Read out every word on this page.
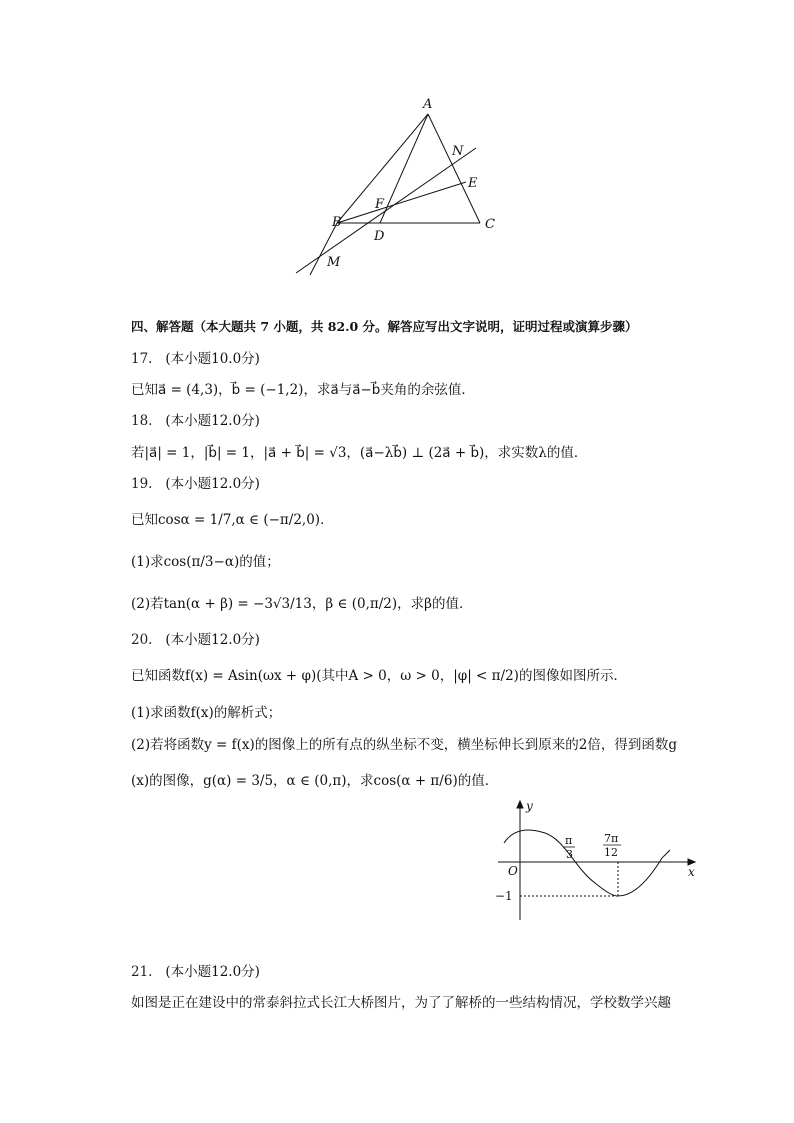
A
N
E
B
F
D
C
M
四、解答题（本大题共 7 小题，共 82.0 分。解答应写出文字说明，证明过程或演算步骤）
17. (本小题10.0分)
已知a⃗ = (4,3)，b⃗ = (−1,2)，求a⃗与a⃗−b⃗夹角的余弦值．
18. (本小题12.0分)
若|a⃗| = 1，|b⃗| = 1，|a⃗ + b⃗| = √3，(a⃗−λb⃗) ⊥ (2a⃗ + b⃗)，求实数λ的值．
19. (本小题12.0分)
已知cosα = 1/7,α ∈ (−π/2,0)．
(1)求cos(π/3−α)的值；
(2)若tan(α + β) = −3√3/13，β ∈ (0,π/2)，求β的值．
20. (本小题12.0分)
已知函数f(x) = Asin(ωx + φ)(其中A > 0，ω > 0，|φ| < π/2)的图像如图所示．
(1)求函数f(x)的解析式；
(2)若将函数y = f(x)的图像上的所有点的纵坐标不变，横坐标伸长到原来的2倍，得到函数g
(x)的图像，g(α) = 3/5，α ∈ (0,π)，求cos(α + π/6)的值．
y
x
O
−1
π
3
7π
12
21. (本小题12.0分)
如图是正在建设中的常泰斜拉式长江大桥图片，为了了解桥的一些结构情况，学校数学兴趣
